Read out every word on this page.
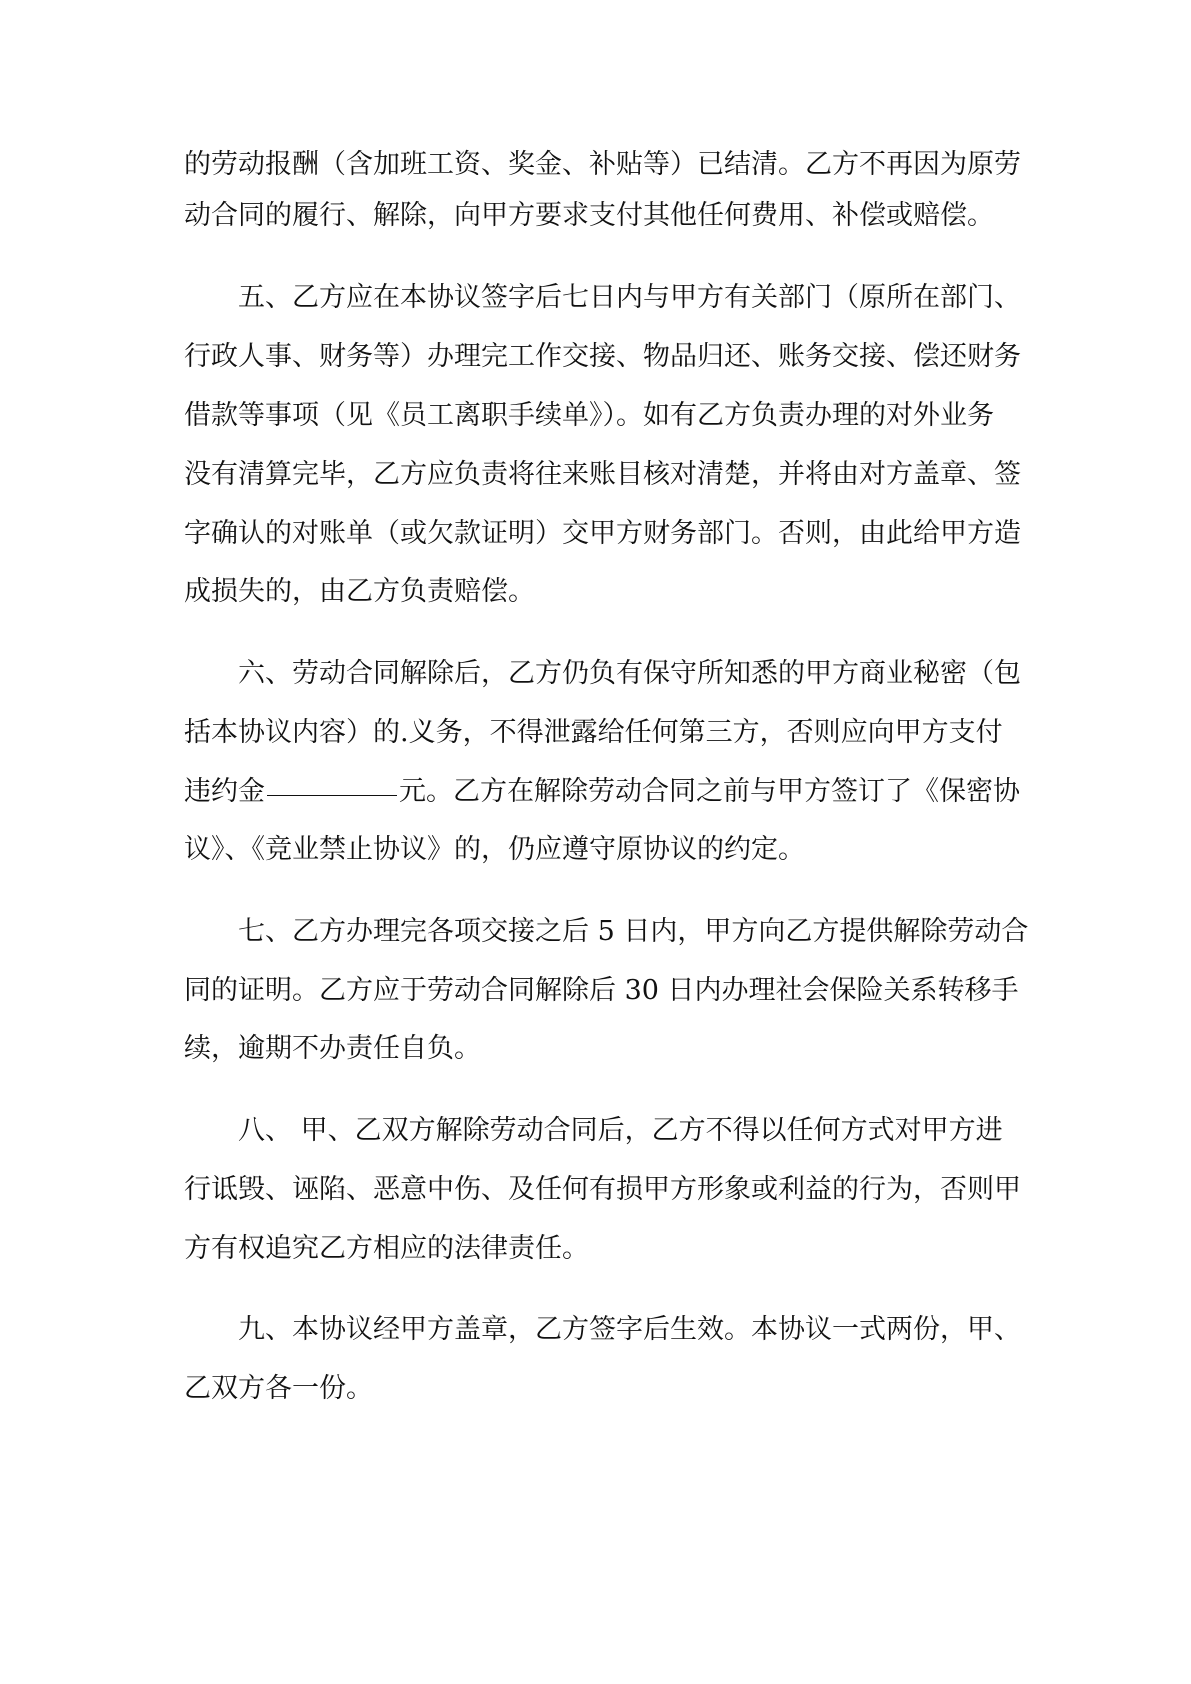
的劳动报酬（含加班工资、奖金、补贴等）已结清。乙方不再因为原劳
动合同的履行、解除，向甲方要求支付其他任何费用、补偿或赔偿。
五、乙方应在本协议签字后七日内与甲方有关部门（原所在部门、
行政人事、财务等）办理完工作交接、物品归还、账务交接、偿还财务
借款等事项（见《员工离职手续单》）。如有乙方负责办理的对外业务
没有清算完毕，乙方应负责将往来账目核对清楚，并将由对方盖章、签
字确认的对账单（或欠款证明）交甲方财务部门。否则，由此给甲方造
成损失的，由乙方负责赔偿。
六、劳动合同解除后，乙方仍负有保守所知悉的甲方商业秘密（包
括本协议内容）的.义务，不得泄露给任何第三方，否则应向甲方支付
违约金	元。乙方在解除劳动合同之前与甲方签订了《保密协
议》、《竞业禁止协议》的，仍应遵守原协议的约定。
七、乙方办理完各项交接之后 5 日内，甲方向乙方提供解除劳动合
同的证明。乙方应于劳动合同解除后 30 日内办理社会保险关系转移手
续，逾期不办责任自负。
八、 甲、乙双方解除劳动合同后，乙方不得以任何方式对甲方进
行诋毁、诬陷、恶意中伤、及任何有损甲方形象或利益的行为，否则甲
方有权追究乙方相应的法律责任。
九、本协议经甲方盖章，乙方签字后生效。本协议一式两份，甲、
乙双方各一份。
